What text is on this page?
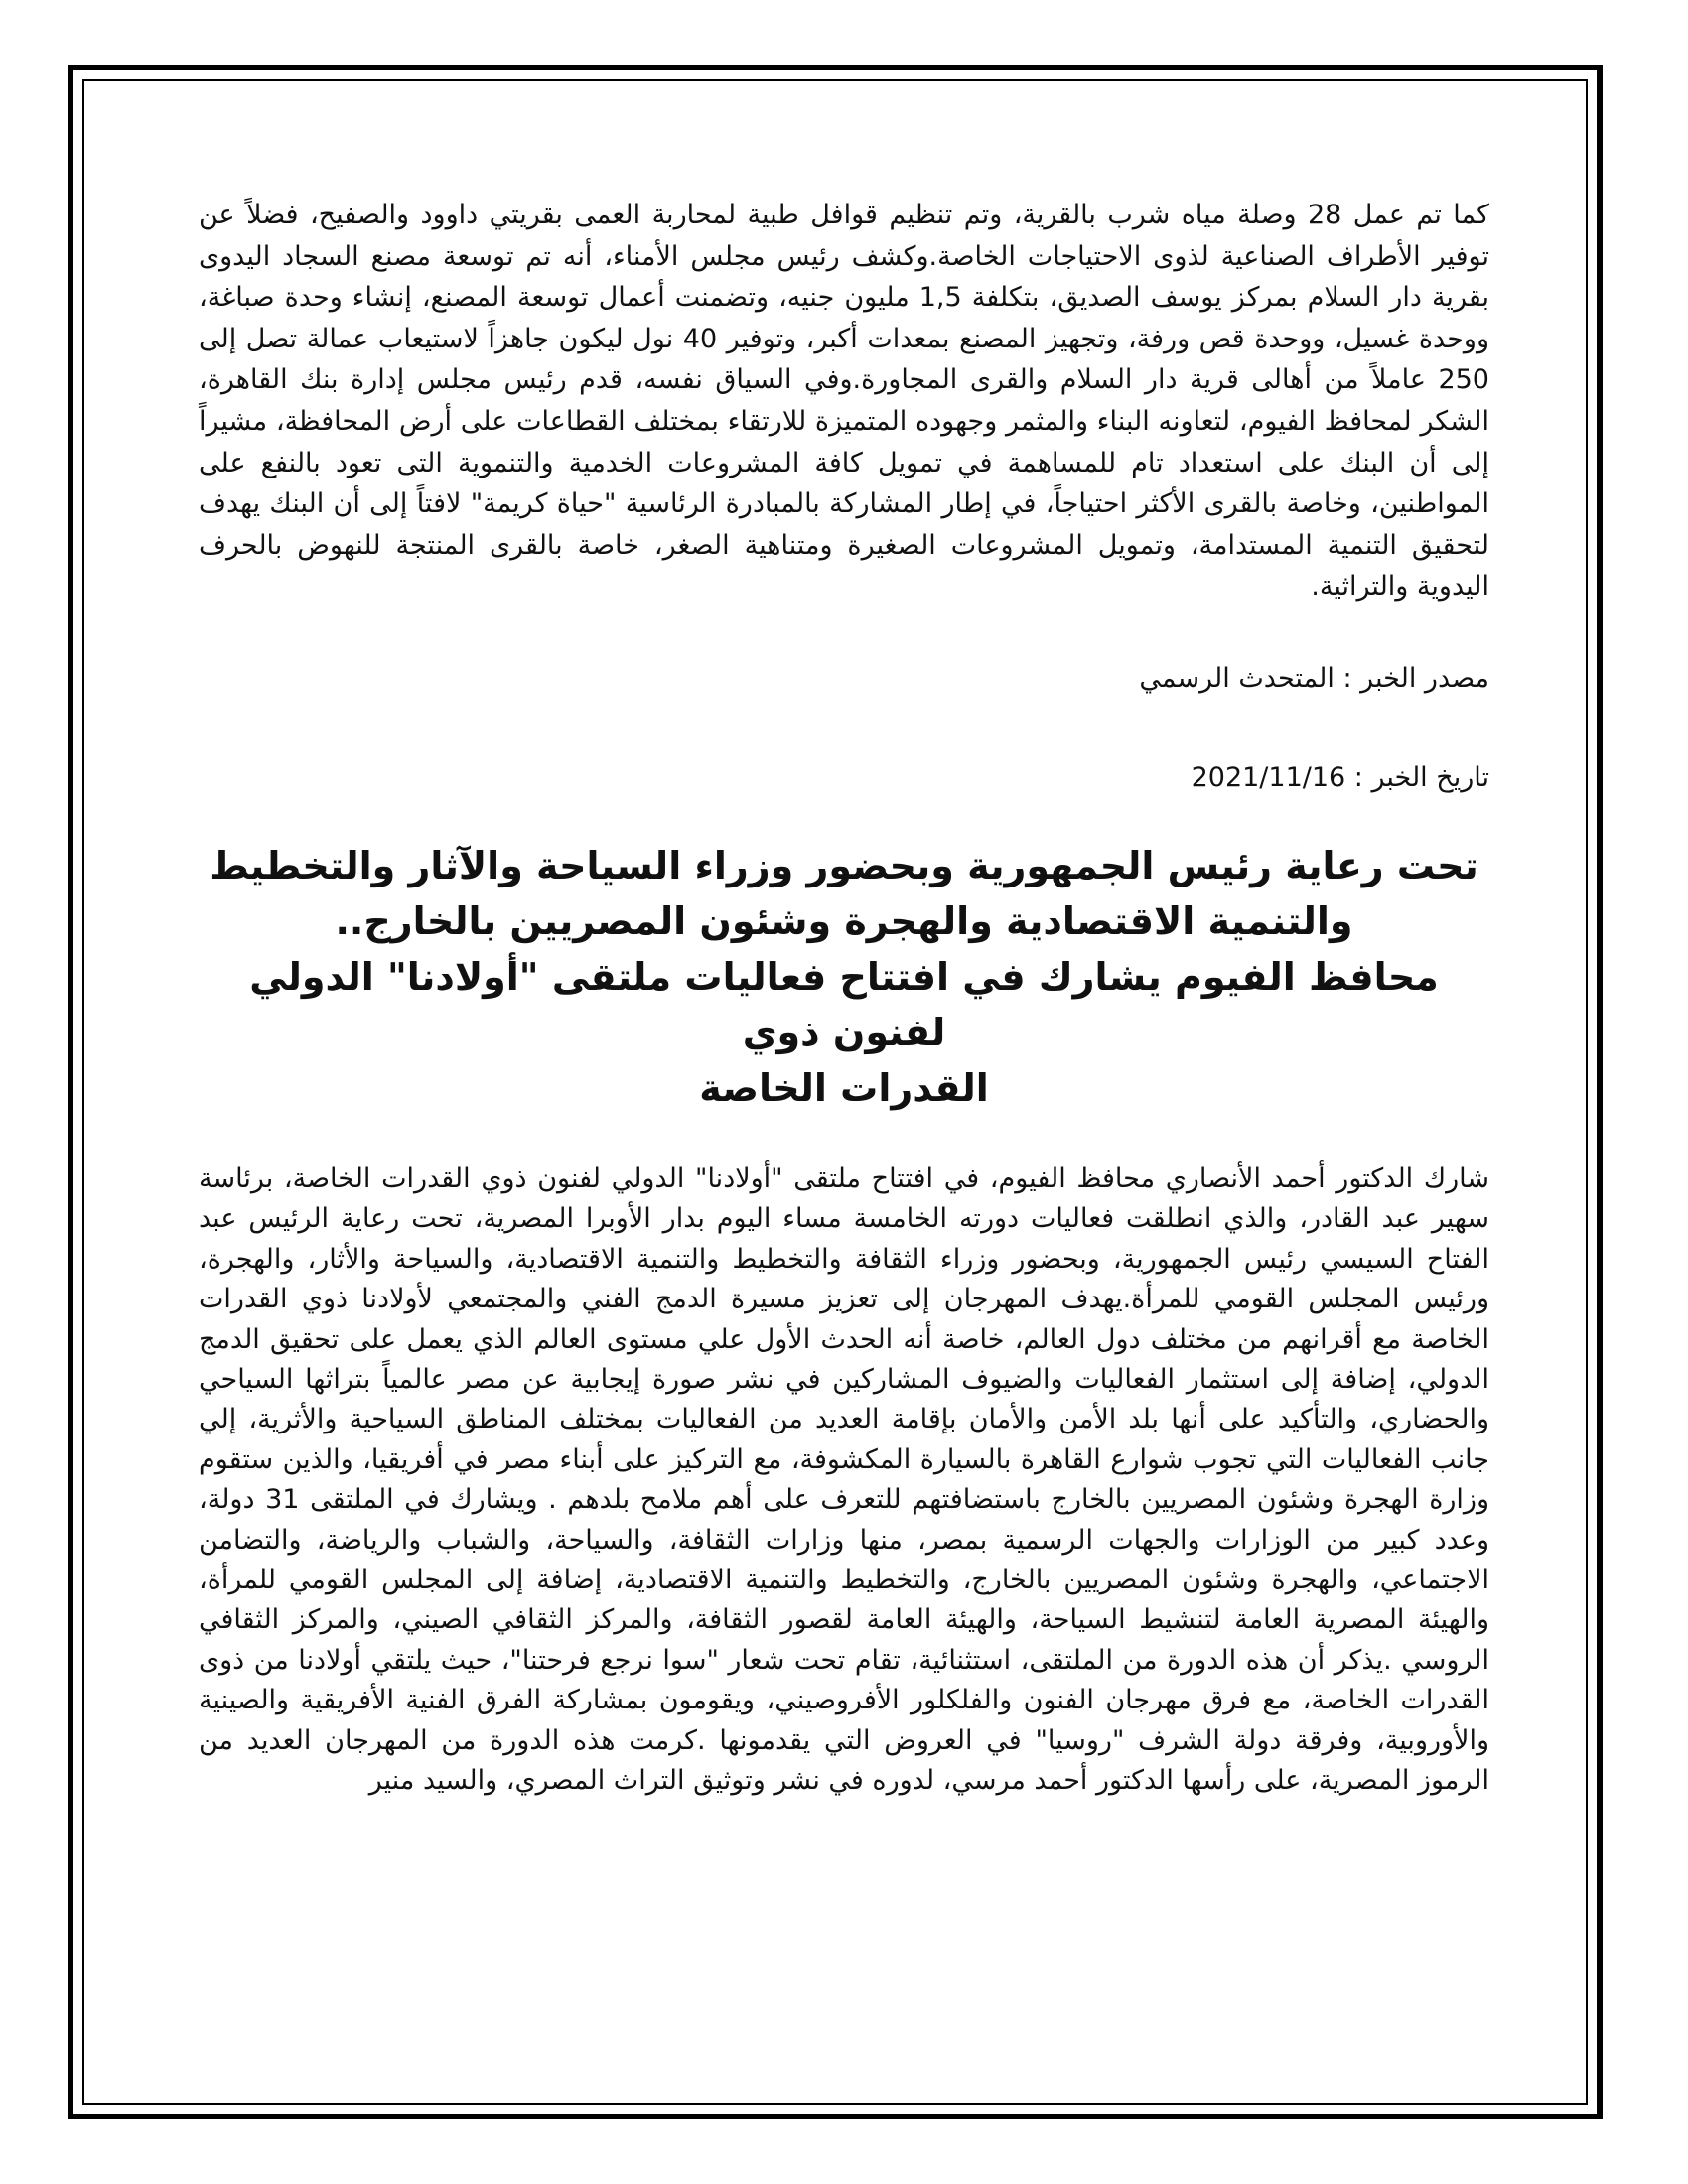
كما تم عمل 28 وصلة مياه شرب بالقرية، وتم تنظيم قوافل طبية لمحاربة العمى بقريتي داوود والصفيح، فضلاً عن توفير الأطراف الصناعية لذوى الاحتياجات الخاصة.وكشف رئيس مجلس الأمناء، أنه تم توسعة مصنع السجاد اليدوى بقرية دار السلام بمركز يوسف الصديق، بتكلفة 1,5 مليون جنيه، وتضمنت أعمال توسعة المصنع، إنشاء وحدة صباغة، ووحدة غسيل، ووحدة قص ورفة، وتجهيز المصنع بمعدات أكبر، وتوفير 40 نول ليكون جاهزاً لاستيعاب عمالة تصل إلى 250 عاملاً من أهالى قرية دار السلام والقرى المجاورة.وفي السياق نفسه، قدم رئيس مجلس إدارة بنك القاهرة، الشكر لمحافظ الفيوم، لتعاونه البناء والمثمر وجهوده المتميزة للارتقاء بمختلف القطاعات على أرض المحافظة، مشيراً إلى أن البنك على استعداد تام للمساهمة في تمويل كافة المشروعات الخدمية والتنموية التى تعود بالنفع على المواطنين، وخاصة بالقرى الأكثر احتياجاً، في إطار المشاركة بالمبادرة الرئاسية "حياة كريمة" لافتاً إلى أن البنك يهدف لتحقيق التنمية المستدامة، وتمويل المشروعات الصغيرة ومتناهية الصغر، خاصة بالقرى المنتجة للنهوض بالحرف اليدوية والتراثية.

مصدر الخبر : المتحدث الرسمي

تاريخ الخبر : 2021/11/16

تحت رعاية رئيس الجمهورية وبحضور وزراء السياحة والآثار والتخطيط
والتنمية الاقتصادية والهجرة وشئون المصريين بالخارج..
محافظ الفيوم يشارك في افتتاح فعاليات ملتقى "أولادنا" الدولي لفنون ذوي
القدرات الخاصة

شارك الدكتور أحمد الأنصاري محافظ الفيوم، في افتتاح ملتقى "أولادنا" الدولي لفنون ذوي القدرات الخاصة، برئاسة سهير عبد القادر، والذي انطلقت فعاليات دورته الخامسة مساء اليوم بدار الأوبرا المصرية، تحت رعاية الرئيس عبد الفتاح السيسي رئيس الجمهورية، وبحضور وزراء الثقافة والتخطيط والتنمية الاقتصادية، والسياحة والأثار، والهجرة، ورئيس المجلس القومي للمرأة.يهدف المهرجان إلى تعزيز مسيرة الدمج الفني والمجتمعي لأولادنا ذوي القدرات الخاصة مع أقرانهم من مختلف دول العالم، خاصة أنه الحدث الأول علي مستوى العالم الذي يعمل على تحقيق الدمج الدولي، إضافة إلى استثمار الفعاليات والضيوف المشاركين في نشر صورة إيجابية عن مصر عالمياً بتراثها السياحي والحضاري، والتأكيد على أنها بلد الأمن والأمان بإقامة العديد من الفعاليات بمختلف المناطق السياحية والأثرية، إلي جانب الفعاليات التي تجوب شوارع القاهرة بالسيارة المكشوفة، مع التركيز على أبناء مصر في أفريقيا، والذين ستقوم وزارة الهجرة وشئون المصريين بالخارج باستضافتهم للتعرف على أهم ملامح بلدهم . ويشارك في الملتقى 31 دولة، وعدد كبير من الوزارات والجهات الرسمية بمصر، منها وزارات الثقافة، والسياحة، والشباب والرياضة، والتضامن الاجتماعي، والهجرة وشئون المصريين بالخارج، والتخطيط والتنمية الاقتصادية، إضافة إلى المجلس القومي للمرأة، والهيئة المصرية العامة لتنشيط السياحة، والهيئة العامة لقصور الثقافة، والمركز الثقافي الصيني، والمركز الثقافي الروسي .يذكر أن هذه الدورة من الملتقى، استثنائية، تقام تحت شعار "سوا نرجع فرحتنا"، حيث يلتقي أولادنا من ذوى القدرات الخاصة، مع فرق مهرجان الفنون والفلكلور الأفروصيني، ويقومون بمشاركة الفرق الفنية الأفريقية والصينية والأوروبية، وفرقة دولة الشرف "روسيا" في العروض التي يقدمونها .كرمت هذه الدورة من المهرجان العديد من الرموز المصرية، على رأسها الدكتور أحمد مرسي، لدوره في نشر وتوثيق التراث المصري، والسيد منير
